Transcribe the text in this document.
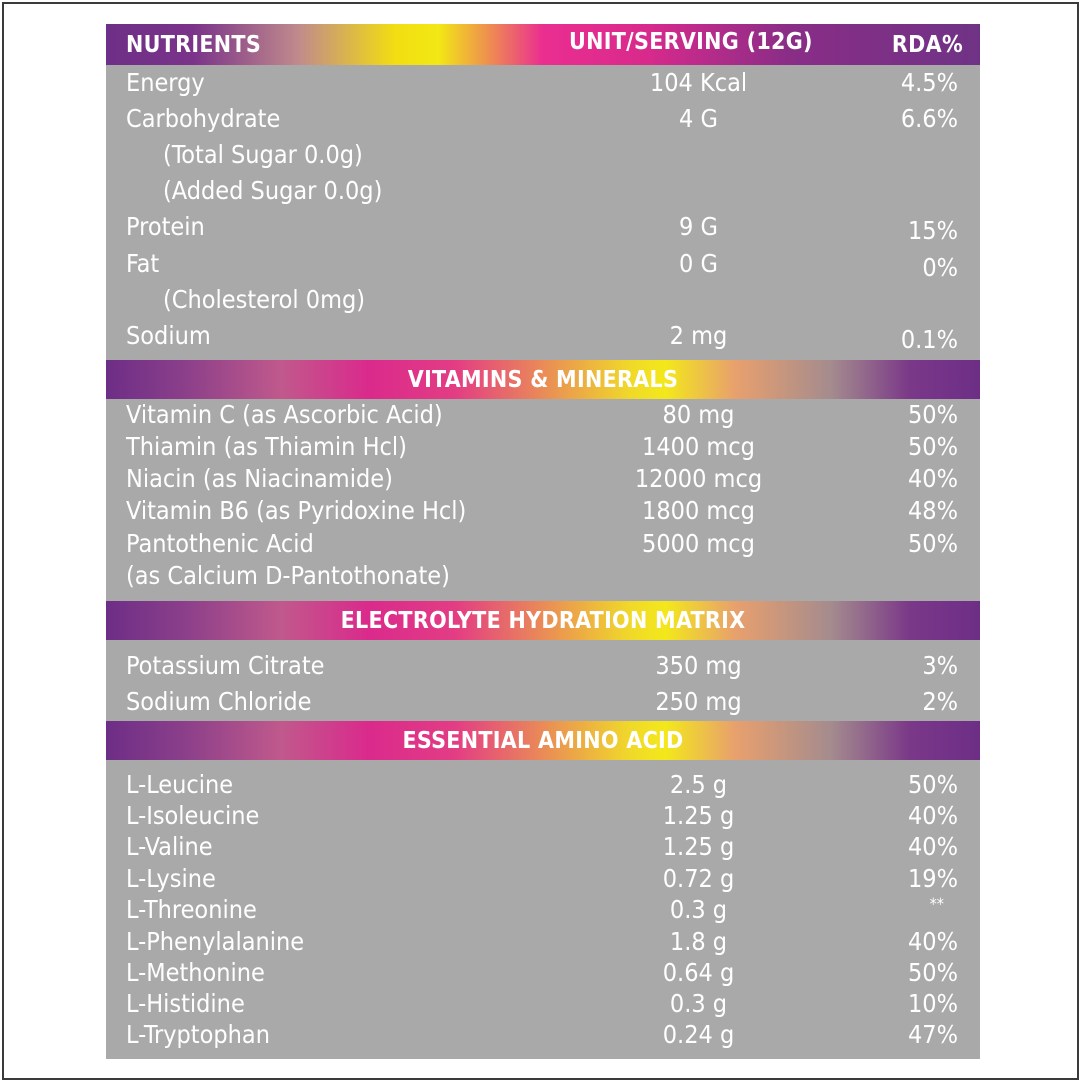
NUTRIENTS	UNIT/SERVING (12G)	RDA%
Energy	104 Kcal	4.5%
Carbohydrate	4 G	6.6%
(Total Sugar 0.0g)
(Added Sugar 0.0g)
Protein	9 G	15%
Fat	0 G	0%
(Cholesterol 0mg)
Sodium	2 mg	0.1%
VITAMINS & MINERALS
Vitamin C (as Ascorbic Acid)	80 mg	50%
Thiamin (as Thiamin Hcl)	1400 mcg	50%
Niacin (as Niacinamide)	12000 mcg	40%
Vitamin B6 (as Pyridoxine Hcl)	1800 mcg	48%
Pantothenic Acid	5000 mcg	50%
(as Calcium D-Pantothonate)
ELECTROLYTE HYDRATION MATRIX
Potassium Citrate	350 mg	3%
Sodium Chloride	250 mg	2%
ESSENTIAL AMINO ACID
L-Leucine	2.5 g	50%
L-Isoleucine	1.25 g	40%
L-Valine	1.25 g	40%
L-Lysine	0.72 g	19%
L-Threonine	0.3 g	**
L-Phenylalanine	1.8 g	40%
L-Methonine	0.64 g	50%
L-Histidine	0.3 g	10%
L-Tryptophan	0.24 g	47%
